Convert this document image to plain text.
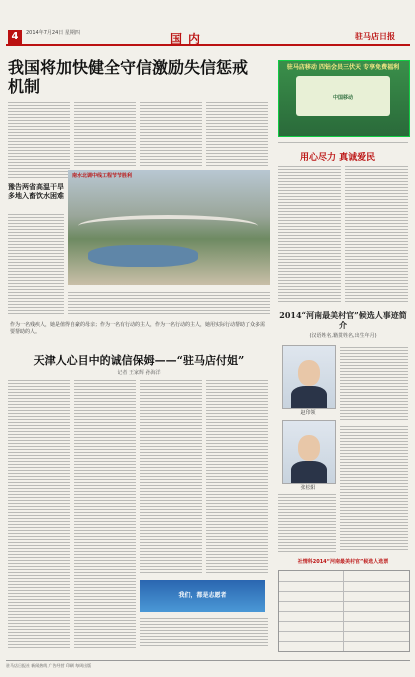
4	2014年7月24日 星期四	国内	驻马店日报
我国将加快健全守信激励失信惩戒机制
豫告两省高温干旱多地入畜饮水困难
南水北调中线工程节节胜利
驻马店移动 四钻会员三伏天 专享免费福利
中国移动
用心尽力 真诚爱民
2014“河南最美村官”候选人事迹简介
(汉语姓名,籍贯姓名,出生年月)
赵印领
张松阳
作为一名残疾人，她是值得自豪的母亲；作为一名有行动的主人，作为一名行动的主人，她用实际行动帮助了众多需要帮助的人。
天津人心目中的诚信保姆——“驻马店付姐”
记者 王家辉 孙海洋
我们，都是志愿者
社情科2014“河南最美村官”候选人选票
驻马店日报社 新闻热线 广告经营 印刷 每周出版
